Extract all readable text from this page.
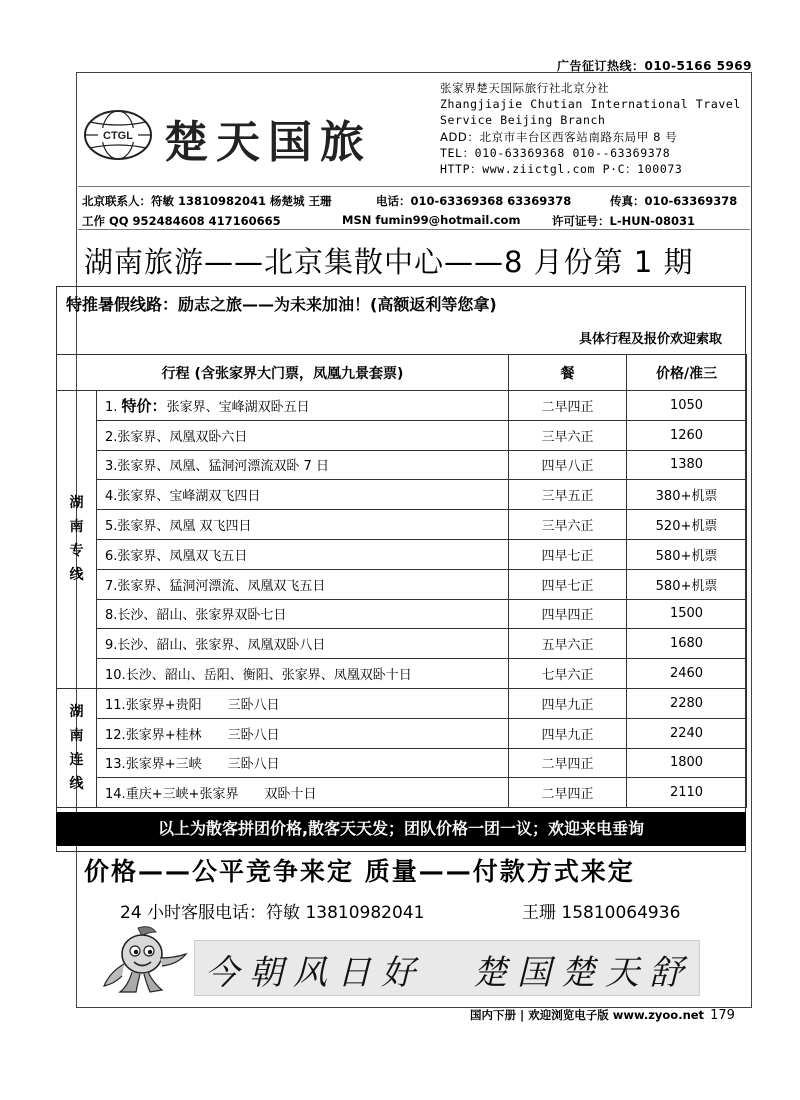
广告征订热线：010-5166 5969
CTGL 楚天国旅
张家界楚天国际旅行社北京分社
Zhangjiajie Chutian International Travel
Service Beijing Branch
ADD：北京市丰台区西客站南路东局甲 8 号
TEL：010-63369368 010--63369378
HTTP：www.ziictgl.com P·C：100073
北京联系人：符敏 13810982041 杨楚城 王珊	电话：010-63369368 63369378	传真：010-63369378
工作 QQ 952484608 417160665	MSN fumin99@hotmail.com	许可证号：L-HUN-08031
湖南旅游——北京集散中心——8 月份第 1 期
特推暑假线路：励志之旅——为未来加油！(高额返利等您拿)
具体行程及报价欢迎索取
行程 (含张家界大门票，凤凰九景套票)		餐	价格/准三

湖
南
专
线	1. 特价：张家界、宝峰湖双卧五日	二早四正	1050
	2.张家界、凤凰双卧六日	三早六正	1260
	3.张家界、凤凰、猛洞河漂流双卧 7 日	四早八正	1380
	4.张家界、宝峰湖双飞四日	三早五正	380+机票
	5.张家界、凤凰 双飞四日	三早六正	520+机票
	6.张家界、凤凰双飞五日	四早七正	580+机票
	7.张家界、猛洞河漂流、凤凰双飞五日	四早七正	580+机票
	8.长沙、韶山、张家界双卧七日	四早四正	1500
	9.长沙、韶山、张家界、凤凰双卧八日	五早六正	1680
	10.长沙、韶山、岳阳、衡阳、张家界、凤凰双卧十日	七早六正	2460

湖
南
连
线	11.张家界+贵阳 三卧八日	四早九正	2280
	12.张家界+桂林 三卧八日	四早九正	2240
	13.张家界+三峡 三卧八日	二早四正	1800
	14.重庆+三峡+张家界 双卧十日	二早四正	2110
以上为散客拼团价格,散客天天发；团队价格一团一议；欢迎来电垂询
价格——公平竞争来定 质量——付款方式来定
24 小时客服电话：符敏 13810982041	王珊 15810064936
今朝风日好 楚国楚天舒
国内下册 | 欢迎浏览电子版 www.zyoo.net 179
